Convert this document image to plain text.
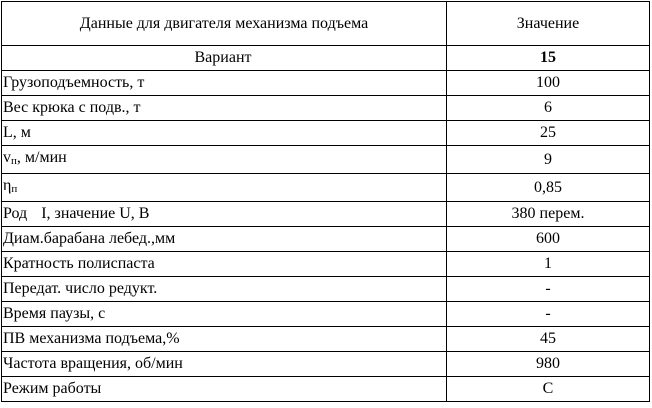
Данные для двигателя механизма подъема	Значение
Вариант	15
Грузоподъемность, т	100
Вес крюка с подв., т	6
L, м	25
vп, м/мин	9
ηп	0,85
Род I, значение U, В	380 перем.
Диам.барабана лебед.,мм	600
Кратность полиспаста	1
Передат. число редукт.	-
Время паузы, с	-
ПВ механизма подъема,%	45
Частота вращения, об/мин	980
Режим работы	С
